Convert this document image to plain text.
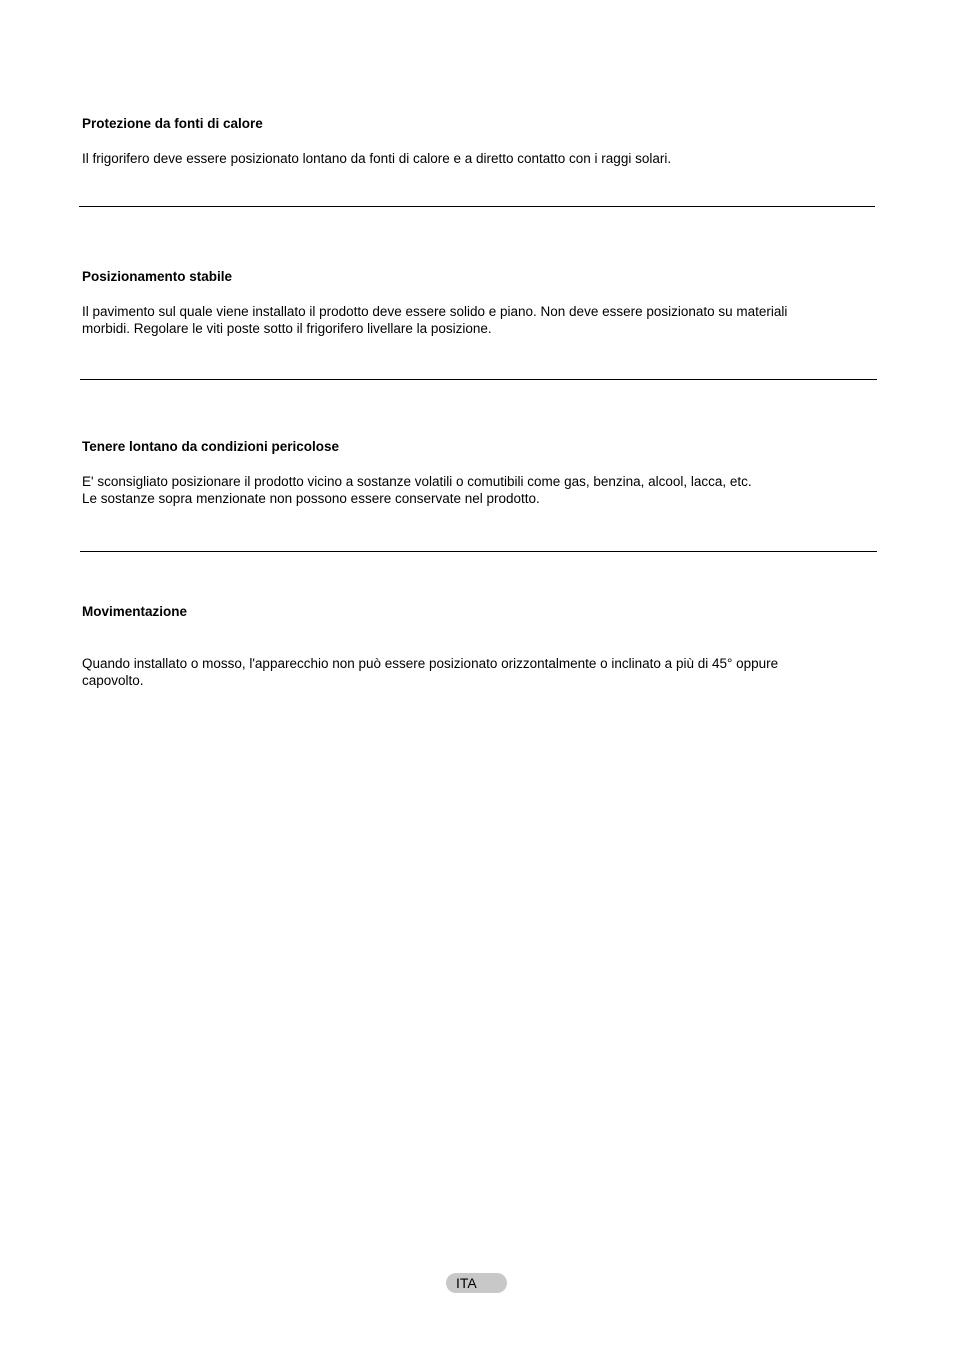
Protezione da fonti di calore
Il frigorifero deve essere posizionato lontano da fonti di calore e a diretto contatto con i raggi solari.
Posizionamento stabile
Il pavimento sul quale viene installato il prodotto deve essere solido e piano. Non deve essere posizionato su materiali
morbidi. Regolare le viti poste sotto il frigorifero livellare la posizione.
Tenere lontano da condizioni pericolose
E' sconsigliato posizionare il prodotto vicino a sostanze volatili o comutibili come gas, benzina, alcool, lacca, etc.
Le sostanze sopra menzionate non possono essere conservate nel prodotto.
Movimentazione
Quando installato o mosso, l'apparecchio non può essere posizionato orizzontalmente o inclinato a più di 45° oppure
capovolto.
ITA
